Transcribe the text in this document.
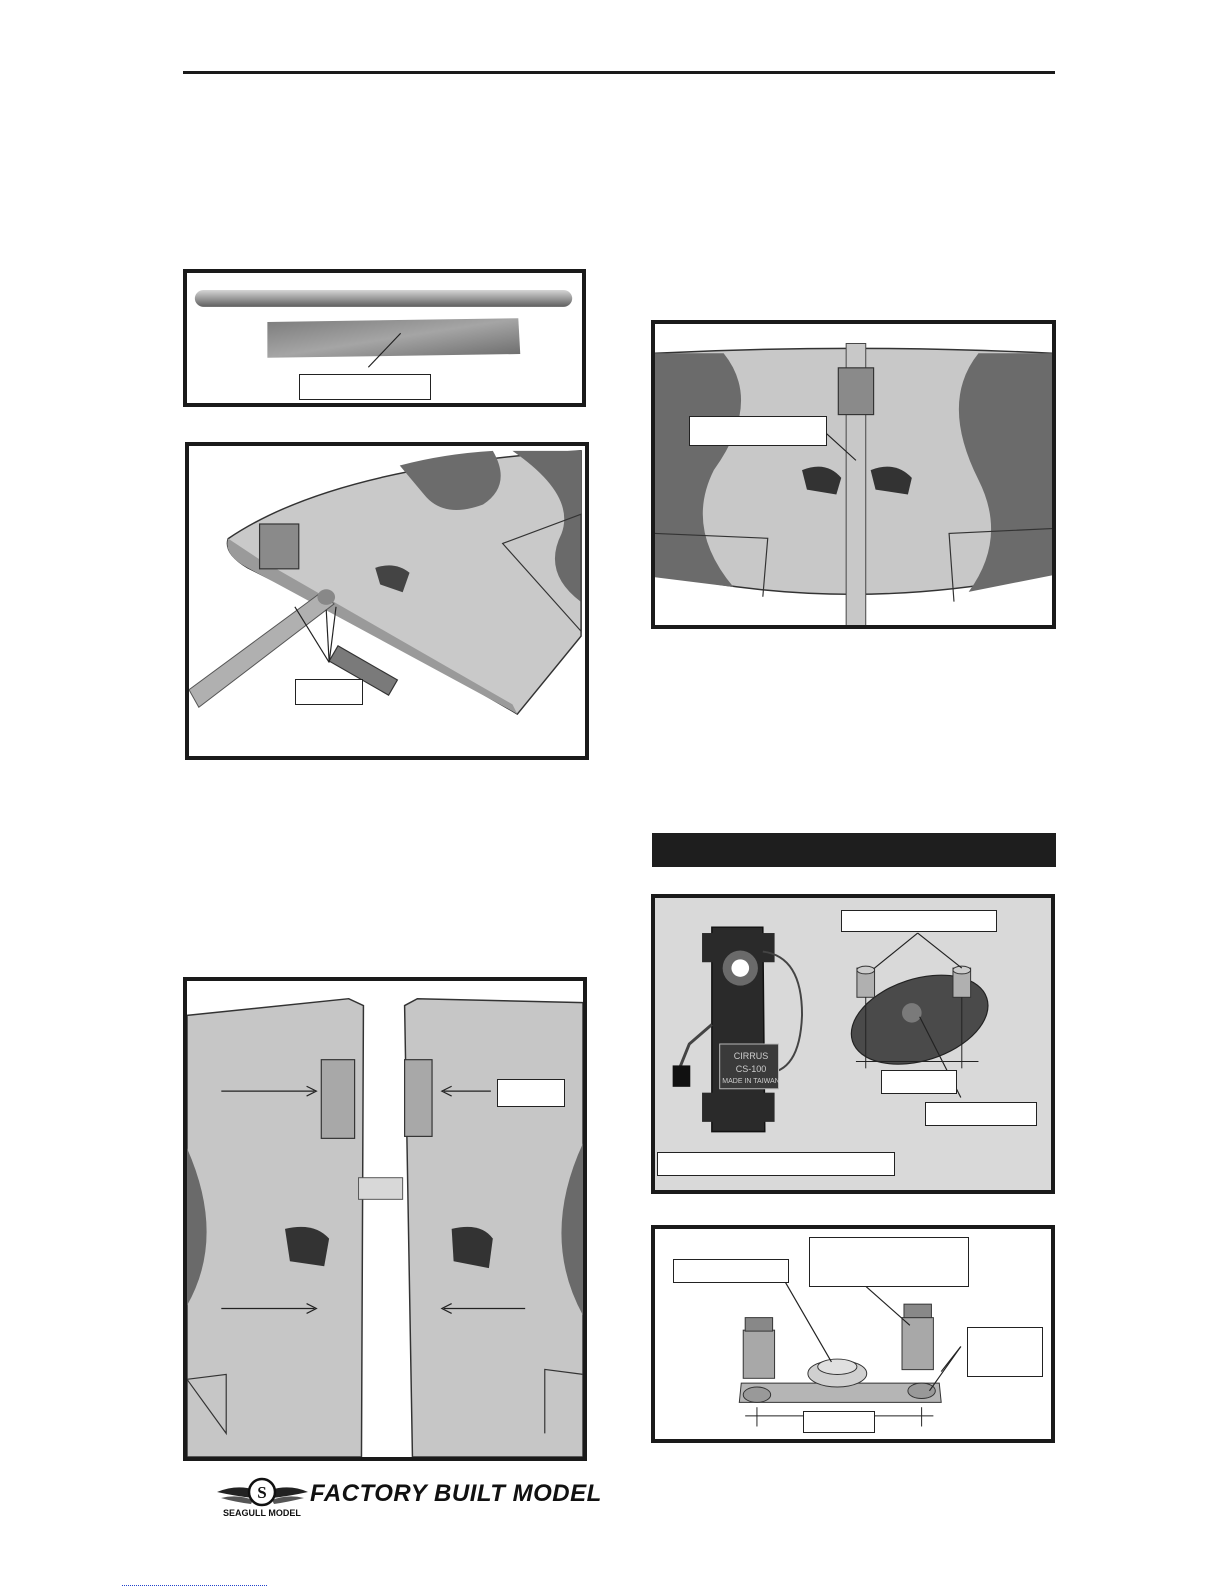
CIRRUS
CS-100
MADE IN TAIWAN
S
SEAGULL MODEL
FACTORY BUILT MODEL
